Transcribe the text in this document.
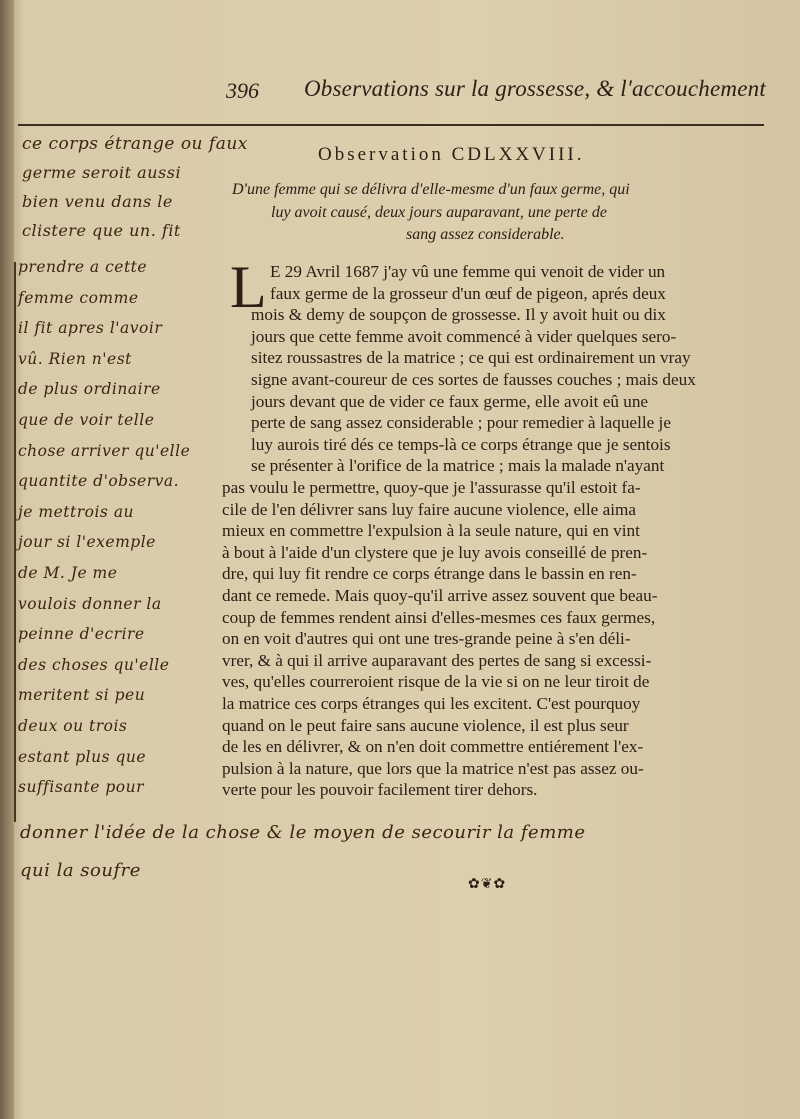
396 Observations sur la grossesse, & l'accouchement
Observation CDLXXVIII.
D'une femme qui se délivra d'elle-mesme d'un faux germe, qui
luy avoit causé, deux jours auparavant, une perte de
sang assez considerable.
L E 29 Avril 1687 j'ay vû une femme qui venoit de vider un
faux germe de la grosseur d'un œuf de pigeon, aprés deux
mois & demy de soupçon de grossesse. Il y avoit huit ou dix
jours que cette femme avoit commencé à vider quelques sero-
sitez roussastres de la matrice ; ce qui est ordinairement un vray
signe avant-coureur de ces sortes de fausses couches ; mais deux
jours devant que de vider ce faux germe, elle avoit eû une
perte de sang assez considerable ; pour remedier à laquelle je
luy aurois tiré dés ce temps-là ce corps étrange que je sentois
se présenter à l'orifice de la matrice ; mais la malade n'ayant
pas voulu le permettre, quoy-que je l'assurasse qu'il estoit fa-
cile de l'en délivrer sans luy faire aucune violence, elle aima
mieux en commettre l'expulsion à la seule nature, qui en vint
à bout à l'aide d'un clystere que je luy avois conseillé de pren-
dre, qui luy fit rendre ce corps étrange dans le bassin en ren-
dant ce remede. Mais quoy-qu'il arrive assez souvent que beau-
coup de femmes rendent ainsi d'elles-mesmes ces faux germes,
on en voit d'autres qui ont une tres-grande peine à s'en déli-
vrer, & à qui il arrive auparavant des pertes de sang si excessi-
ves, qu'elles courreroient risque de la vie si on ne leur tiroit de
la matrice ces corps étranges qui les excitent. C'est pourquoy
quand on le peut faire sans aucune violence, il est plus seur
de les en délivrer, & on n'en doit commettre entiérement l'ex-
pulsion à la nature, que lors que la matrice n'est pas assez ou-
verte pour les pouvoir facilement tirer dehors.
ce corps étrange ou faux
germe seroit aussi
bien venu dans le
clistere que un. fit
prendre a cette
femme comme
il fit apres l'avoir
vû. Rien n'est
de plus ordinaire
que de voir telle
chose arriver qu'elle
quantite d'observa.
je mettrois au
jour si l'exemple
de M. Je me
voulois donner la
peinne d'ecrire
des choses qu'elle
meritent si peu
deux ou trois
estant plus que
suffisante pour
donner l'idée de la chose & le moyen de secourir la femme
qui la soufre
✿❦✿
